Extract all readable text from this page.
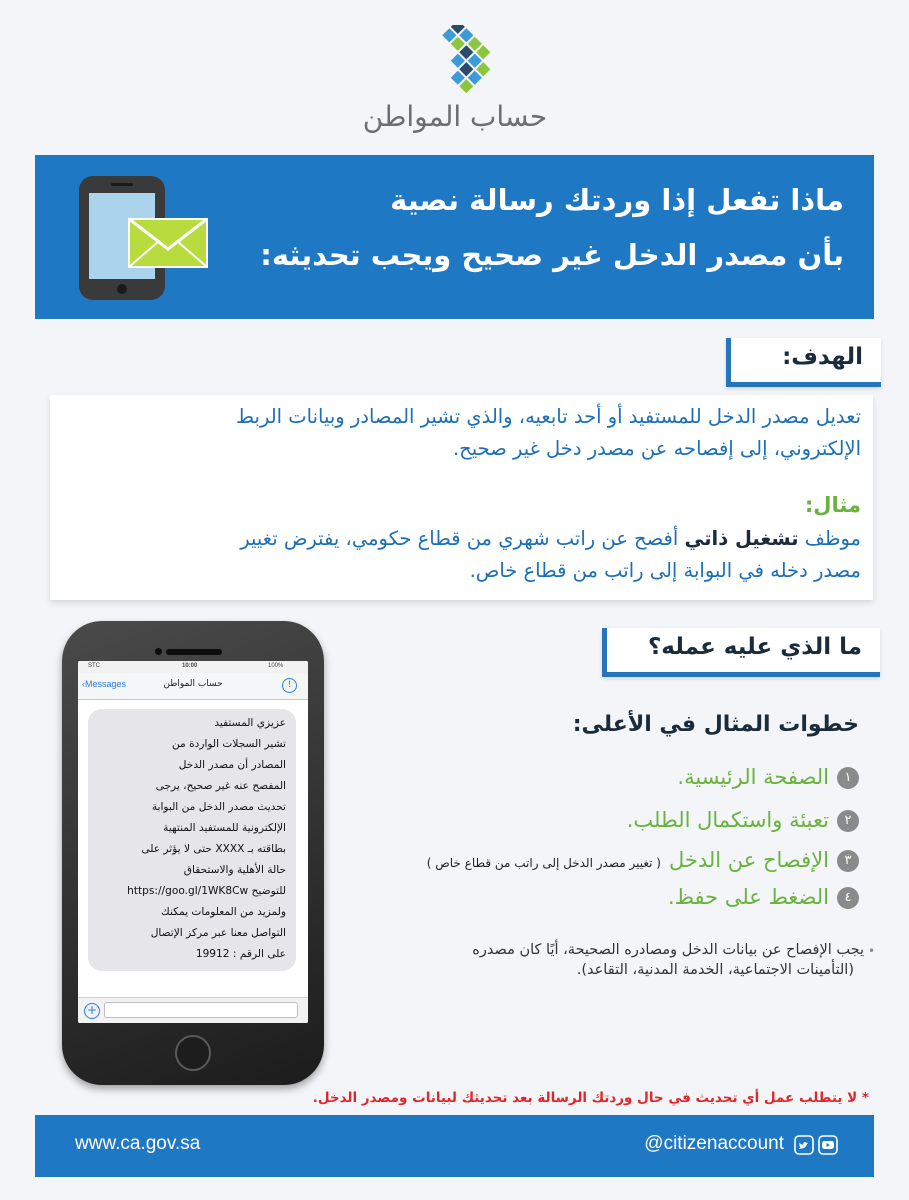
حساب المواطن
ماذا تفعل إذا وردتك رسالة نصية
بأن مصدر الدخل غير صحيح ويجب تحديثه:
الهدف:
تعديل مصدر الدخل للمستفيد أو أحد تابعيه، والذي تشير المصادر وبيانات الربط
الإلكتروني، إلى إفصاحه عن مصدر دخل غير صحيح.
مثال:
موظف تشغيل ذاتي أفصح عن راتب شهري من قطاع حكومي، يفترض تغيير
مصدر دخله في البوابة إلى راتب من قطاع خاص.
STC	10:00	100%
‹Messages	حساب المواطن	!
عزيزي المستفيد
تشير السجلات الواردة من
المصادر أن مصدر الدخل
المفصح عنه غير صحيح، يرجى
تحديث مصدر الدخل من البوابة
الإلكترونية للمستفيد المنتهية
بطاقته بـ XXXX حتى لا يؤثر على
حالة الأهلية والاستحقاق
للتوضيح https://goo.gl/1WK8Cw
ولمزيد من المعلومات يمكنك
التواصل معنا عبر مركز الإتصال
على الرقم : 19912
+
ما الذي عليه عمله؟
خطوات المثال في الأعلى:
١الصفحة الرئيسية.
٢تعبئة واستكمال الطلب.
٣الإفصاح عن الدخل( تغيير مصدر الدخل إلى راتب من قطاع خاص )
٤الضغط على حفظ.
•
يجب الإفصاح عن بيانات الدخل ومصادره الصحيحة، أيًا كان مصدره
(التأمينات الاجتماعية، الخدمة المدنية، التقاعد).
* لا يتطلب عمل أي تحديث في حال وردتك الرسالة بعد تحديثك لبيانات ومصدر الدخل.
www.ca.gov.sa	@citizenaccount
